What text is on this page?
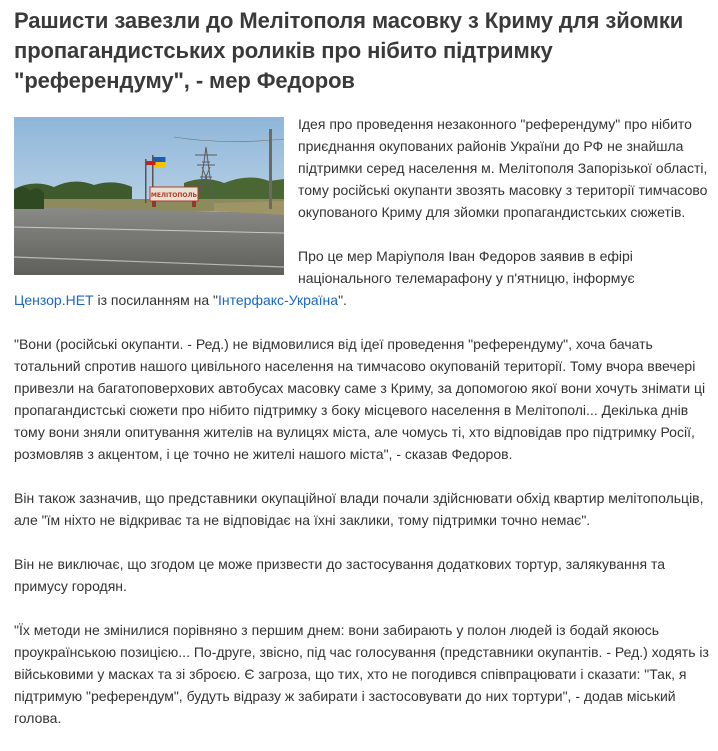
Рашисти завезли до Мелітополя масовку з Криму для зйомки пропагандистських роликів про нібито підтримку "референдуму", - мер Федоров
МЕЛІТОПОЛЬ

Ідея про проведення незаконного "референдуму" про нібито приєднання окупованих районів України до РФ не знайшла підтримки серед населення м. Мелітополя Запорізької області, тому російські окупанти звозять масовку з території тимчасово окупованого Криму для зйомки пропагандистських сюжетів.

Про це мер Маріуполя Іван Федоров заявив в ефірі національного телемарафону у п'ятницю, інформує Цензор.НЕТ із посиланням на "Інтерфакс-Україна".

"Вони (російські окупанти. - Ред.) не відмовилися від ідеї проведення "референдуму", хоча бачать тотальний спротив нашого цивільного населення на тимчасово окупованій території. Тому вчора ввечері привезли на багатоповерхових автобусах масовку саме з Криму, за допомогою якої вони хочуть знімати ці пропагандистські сюжети про нібито підтримку з боку місцевого населення в Мелітополі... Декілька днів тому вони зняли опитування жителів на вулицях міста, але чомусь ті, хто відповідав про підтримку Росії, розмовляв з акцентом, і це точно не жителі нашого міста", - сказав Федоров.

Він також зазначив, що представники окупаційної влади почали здійснювати обхід квартир мелітопольців, але "їм ніхто не відкриває та не відповідає на їхні заклики, тому підтримки точно немає".

Він не виключає, що згодом це може призвести до застосування додаткових тортур, залякування та примусу городян.

"Їх методи не змінилися порівняно з першим днем: вони забирають у полон людей із бодай якоюсь проукраїнською позицією... По-друге, звісно, під час голосування (представники окупантів. - Ред.) ходять із військовими у масках та зі зброєю. Є загроза, що тих, хто не погодився співпрацювати і сказати: "Так, я підтримую "референдум", будуть відразу ж забирати і застосовувати до них тортури", - додав міський голова.
